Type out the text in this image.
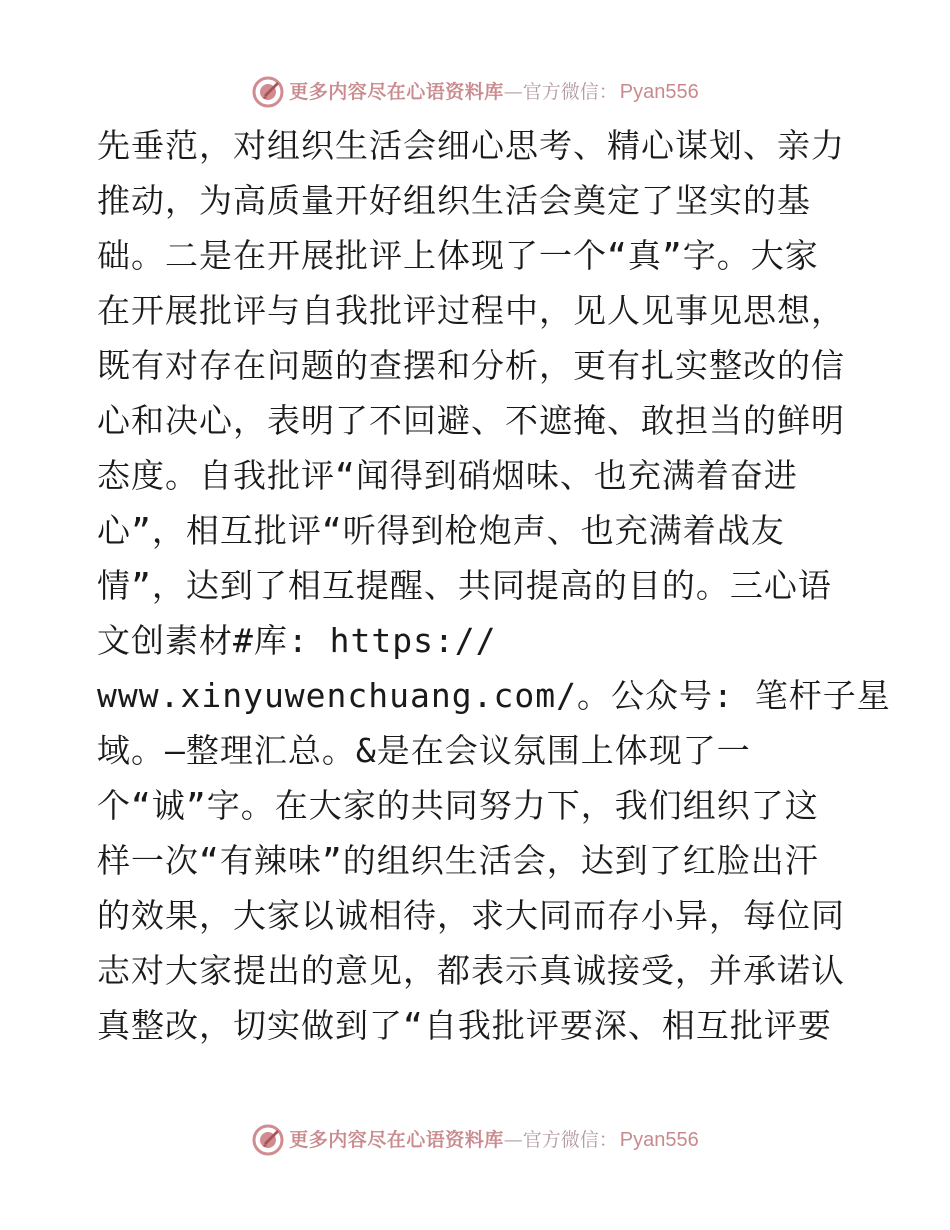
更多内容尽在心语资料库 — 官方微信： Pyan556
先垂范，对组织生活会细心思考、精心谋划、亲力
推动，为高质量开好组织生活会奠定了坚实的基
础。二是在开展批评上体现了一个“真”字。大家
在开展批评与自我批评过程中，见人见事见思想，
既有对存在问题的查摆和分析，更有扎实整改的信
心和决心，表明了不回避、不遮掩、敢担当的鲜明
态度。自我批评“闻得到硝烟味、也充满着奋进
心”，相互批评“听得到枪炮声、也充满着战友
情”，达到了相互提醒、共同提高的目的。三心语
文创素材#库: https://
www.xinyuwenchuang.com/。公众号: 笔杆子星
域。—整理汇总。&是在会议氛围上体现了一
个“诚”字。在大家的共同努力下，我们组织了这
样一次“有辣味”的组织生活会，达到了红脸出汗
的效果，大家以诚相待，求大同而存小异，每位同
志对大家提出的意见，都表示真诚接受，并承诺认
真整改，切实做到了“自我批评要深、相互批评要
更多内容尽在心语资料库 — 官方微信： Pyan556
